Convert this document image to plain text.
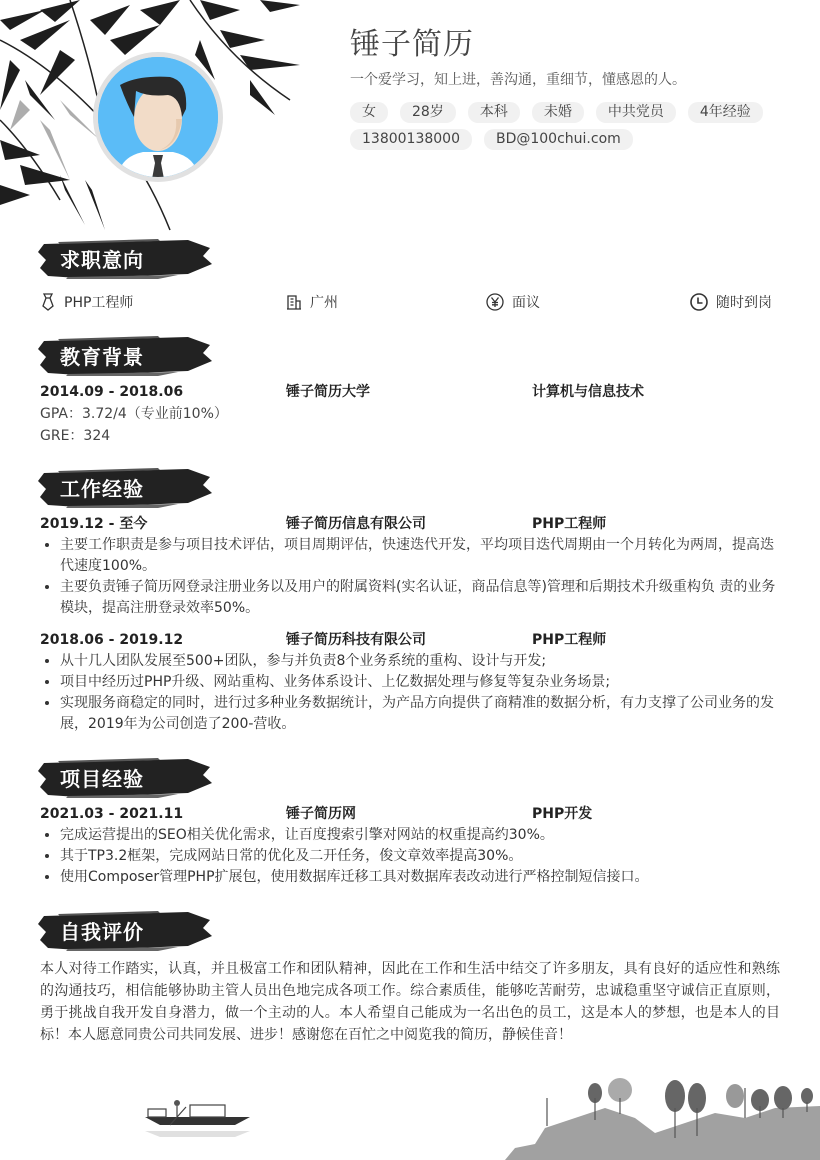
锤子简历
一个爱学习，知上进，善沟通，重细节，懂感恩的人。
女	28岁	本科	未婚	中共党员	4年经验
13800138000	BD@100chui.com
求职意向
PHP工程师	广州	面议	随时到岗
教育背景
2014.09 - 2018.06	锤子简历大学	计算机与信息技术
GPA：3.72/4（专业前10%）
GRE：324
工作经验
2019.12 - 至今	锤子简历信息有限公司	PHP工程师
主要工作职责是参与项目技术评估，项目周期评估，快速迭代开发，平均项目迭代周期由一个月转化为两周，提高迭代速度100%。
主要负责锤子简历网登录注册业务以及用户的附属资料(实名认证，商品信息等)管理和后期技术升级重构负 责的业务模块，提高注册登录效率50%。
2018.06 - 2019.12	锤子简历科技有限公司	PHP工程师
从十几人团队发展至500+团队，参与并负责8个业务系统的重构、设计与开发;
项目中经历过PHP升级、网站重构、业务体系设计、上亿数据处理与修复等复杂业务场景;
实现服务商稳定的同时，进行过多种业务数据统计，为产品方向提供了商精准的数据分析，有力支撑了公司业务的发展，2019年为公司创造了200-营收。
项目经验
2021.03 - 2021.11	锤子简历网	PHP开发
完成运营提出的SEO相关优化需求，让百度搜索引擎对网站的权重提高约30%。
其于TP3.2框架，完成网站日常的优化及二开任务，俊文章效率提高30%。
使用Composer管理PHP扩展包，使用数据库迁移工具对数据库表改动进行严格控制短信接口。
自我评价
本人对待工作踏实，认真，并且极富工作和团队精神，因此在工作和生活中结交了许多朋友，具有良好的适应性和熟练的沟通技巧，相信能够协助主管人员出色地完成各项工作。综合素质佳，能够吃苦耐劳，忠诚稳重坚守诚信正直原则，勇于挑战自我开发自身潜力，做一个主动的人。本人希望自己能成为一名出色的员工，这是本人的梦想，也是本人的目标！本人愿意同贵公司共同发展、进步！感谢您在百忙之中阅览我的简历，静候佳音！
